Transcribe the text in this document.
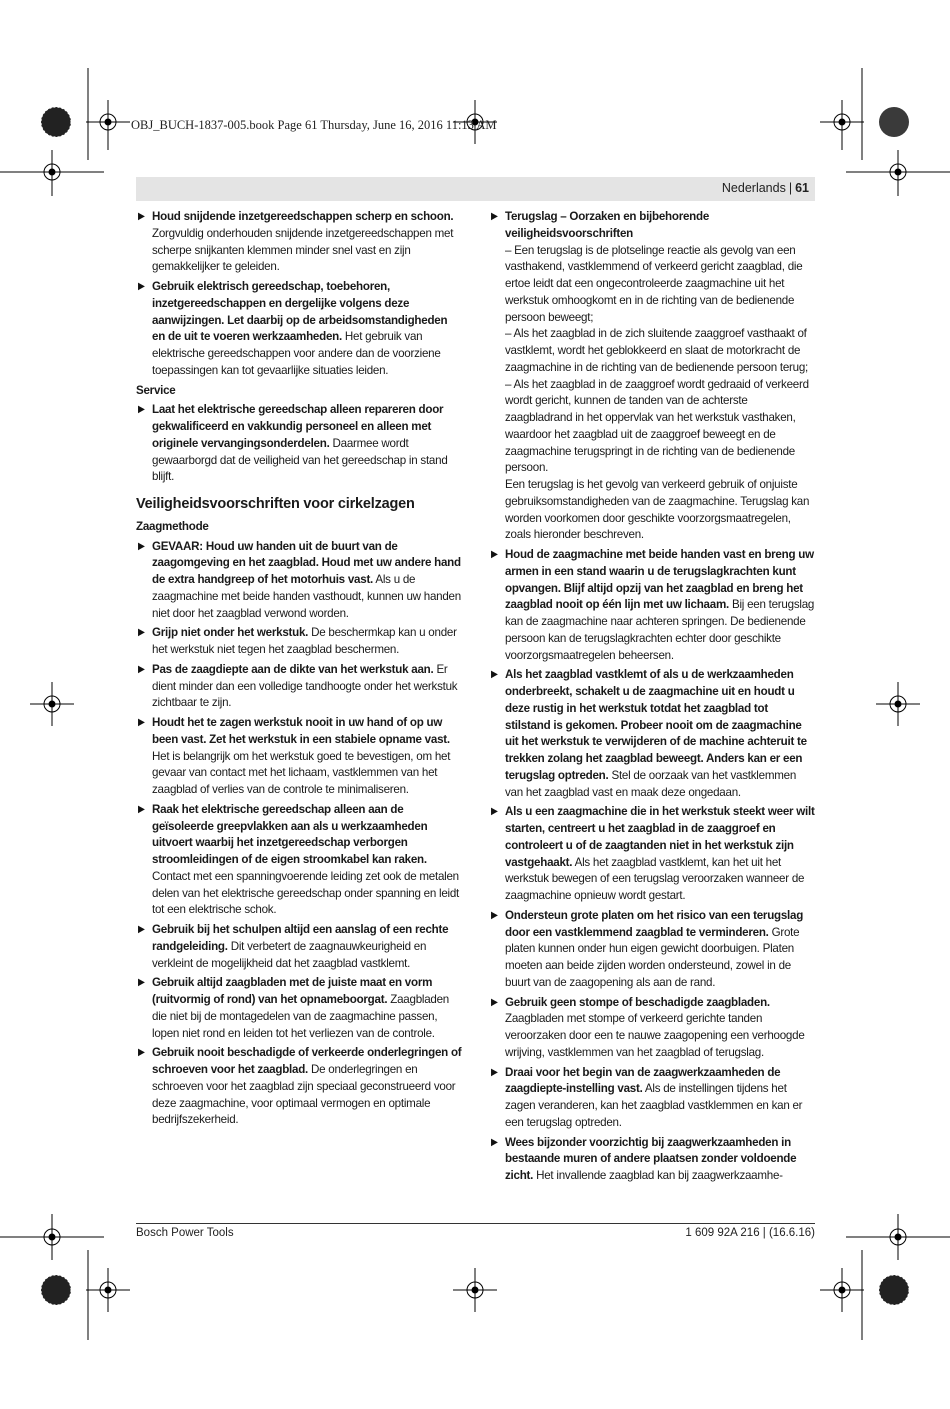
OBJ_BUCH-1837-005.book Page 61 Thursday, June 16, 2016 11:13 AM
Nederlands | 61
▶ Houd snijdende inzetgereedschappen scherp en schoon. Zorgvuldig onderhouden snijdende inzetgereedschappen met scherpe snijkanten klemmen minder snel vast en zijn gemakkelijker te geleiden.
▶ Gebruik elektrisch gereedschap, toebehoren, inzetgereedschappen en dergelijke volgens deze aanwijzingen. Let daarbij op de arbeidsomstandigheden en de uit te voeren werkzaamheden. Het gebruik van elektrische gereedschappen voor andere dan de voorziene toepassingen kan tot gevaarlijke situaties leiden.
Service
▶ Laat het elektrische gereedschap alleen repareren door gekwalificeerd en vakkundig personeel en alleen met originele vervangingsonderdelen. Daarmee wordt gewaarborgd dat de veiligheid van het gereedschap in stand blijft.
Veiligheidsvoorschriften voor cirkelzagen
Zaagmethode
▶ GEVAAR: Houd uw handen uit de buurt van de zaagomgeving en het zaagblad. Houd met uw andere hand de extra handgreep of het motorhuis vast. Als u de zaagmachine met beide handen vasthoudt, kunnen uw handen niet door het zaagblad verwond worden.
▶ Grijp niet onder het werkstuk. De beschermkap kan u onder het werkstuk niet tegen het zaagblad beschermen.
▶ Pas de zaagdiepte aan de dikte van het werkstuk aan. Er dient minder dan een volledige tandhoogte onder het werkstuk zichtbaar te zijn.
▶ Houdt het te zagen werkstuk nooit in uw hand of op uw been vast. Zet het werkstuk in een stabiele opname vast. Het is belangrijk om het werkstuk goed te bevestigen, om het gevaar van contact met het lichaam, vastklemmen van het zaagblad of verlies van de controle te minimaliseren.
▶ Raak het elektrische gereedschap alleen aan de geïsoleerde greepvlakken aan als u werkzaamheden uitvoert waarbij het inzetgereedschap verborgen stroomleidingen of de eigen stroomkabel kan raken. Contact met een spanningvoerende leiding zet ook de metalen delen van het elektrische gereedschap onder spanning en leidt tot een elektrische schok.
▶ Gebruik bij het schulpen altijd een aanslag of een rechte randgeleiding. Dit verbetert de zaagnauwkeurigheid en verkleint de mogelijkheid dat het zaagblad vastklemt.
▶ Gebruik altijd zaagbladen met de juiste maat en vorm (ruitvormig of rond) van het opnameboorgat. Zaagbladen die niet bij de montagedelen van de zaagmachine passen, lopen niet rond en leiden tot het verliezen van de controle.
▶ Gebruik nooit beschadigde of verkeerde onderlegringen of schroeven voor het zaagblad. De onderlegringen en schroeven voor het zaagblad zijn speciaal geconstrueerd voor deze zaagmachine, voor optimaal vermogen en optimale bedrijfszekerheid.
▶ Terugslag – Oorzaken en bijbehorende veiligheidsvoorschriften

– Een terugslag is de plotselinge reactie als gevolg van een vasthakend, vastklemmend of verkeerd gericht zaagblad, die ertoe leidt dat een ongecontroleerde zaagmachine uit het werkstuk omhoogkomt en in de richting van de bedienende persoon beweegt;

– Als het zaagblad in de zich sluitende zaaggroef vasthaakt of vastklemt, wordt het geblokkeerd en slaat de motorkracht de zaagmachine in de richting van de bedienende persoon terug;

– Als het zaagblad in de zaaggroef wordt gedraaid of verkeerd wordt gericht, kunnen de tanden van de achterste zaagbladrand in het oppervlak van het werkstuk vasthaken, waardoor het zaagblad uit de zaaggroef beweegt en de zaagmachine terugspringt in de richting van de bedienende persoon.

Een terugslag is het gevolg van verkeerd gebruik of onjuiste gebruiksomstandigheden van de zaagmachine. Terugslag kan worden voorkomen door geschikte voorzorgsmaatregelen, zoals hieronder beschreven.

▶ Houd de zaagmachine met beide handen vast en breng uw armen in een stand waarin u de terugslagkrachten kunt opvangen. Blijf altijd opzij van het zaagblad en breng het zaagblad nooit op één lijn met uw lichaam. Bij een terugslag kan de zaagmachine naar achteren springen. De bedienende persoon kan de terugslagkrachten echter door geschikte voorzorgsmaatregelen beheersen.
▶ Als het zaagblad vastklemt of als u de werkzaamheden onderbreekt, schakelt u de zaagmachine uit en houdt u deze rustig in het werkstuk totdat het zaagblad tot stilstand is gekomen. Probeer nooit om de zaagmachine uit het werkstuk te verwijderen of de machine achteruit te trekken zolang het zaagblad beweegt. Anders kan er een terugslag optreden. Stel de oorzaak van het vastklemmen van het zaagblad vast en maak deze ongedaan.
▶ Als u een zaagmachine die in het werkstuk steekt weer wilt starten, centreert u het zaagblad in de zaaggroef en controleert u of de zaagtanden niet in het werkstuk zijn vastgehaakt. Als het zaagblad vastklemt, kan het uit het werkstuk bewegen of een terugslag veroorzaken wanneer de zaagmachine opnieuw wordt gestart.
▶ Ondersteun grote platen om het risico van een terugslag door een vastklemmend zaagblad te verminderen. Grote platen kunnen onder hun eigen gewicht doorbuigen. Platen moeten aan beide zijden worden ondersteund, zowel in de buurt van de zaagopening als aan de rand.
▶ Gebruik geen stompe of beschadigde zaagbladen. Zaagbladen met stompe of verkeerd gerichte tanden veroorzaken door een te nauwe zaagopening een verhoogde wrijving, vastklemmen van het zaagblad of terugslag.
▶ Draai voor het begin van de zaagwerkzaamheden de zaagdiepte-instelling vast. Als de instellingen tijdens het zagen veranderen, kan het zaagblad vastklemmen en kan er een terugslag optreden.
▶ Wees bijzonder voorzichtig bij zaagwerkzaamheden in bestaande muren of andere plaatsen zonder voldoende zicht. Het invallende zaagblad kan bij zaagwerkzaamhe-
Bosch Power Tools	1 609 92A 216 | (16.6.16)
